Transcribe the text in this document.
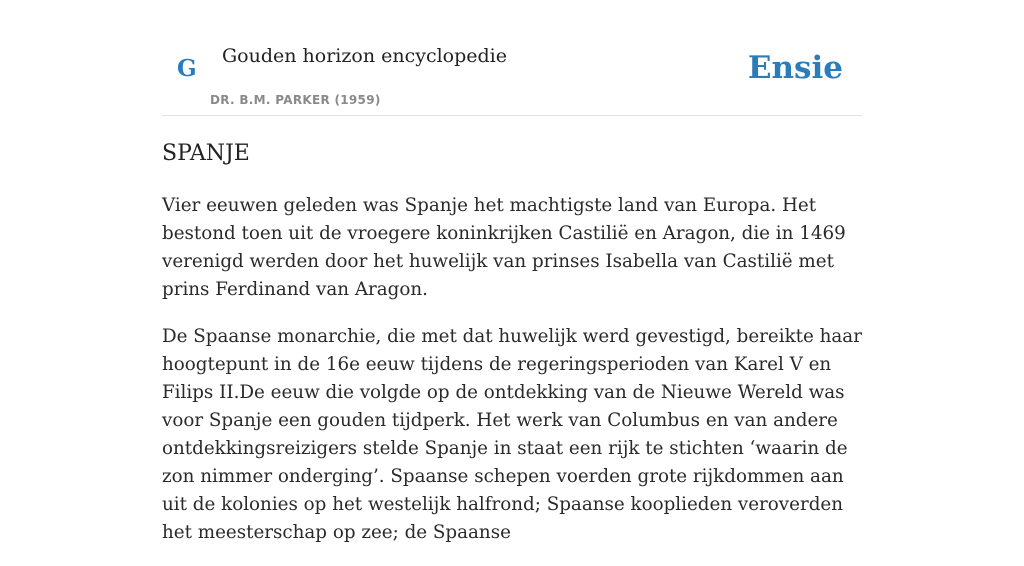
G Gouden horizon encyclopedie
DR. B.M. PARKER (1959)
Ensie
SPANJE

Vier eeuwen geleden was Spanje het machtigste land van Europa. Het bestond toen uit de vroegere koninkrijken Castilië en Aragon, die in 1469 verenigd werden door het huwelijk van prinses Isabella van Castilië met prins Ferdinand van Aragon.

De Spaanse monarchie, die met dat huwelijk werd gevestigd, bereikte haar hoogtepunt in de 16e eeuw tijdens de regeringsperioden van Karel V en Filips II.De eeuw die volgde op de ontdekking van de Nieuwe Wereld was voor Spanje een gouden tijdperk. Het werk van Columbus en van andere ontdekkingsreizigers stelde Spanje in staat een rijk te stichten ‘waarin de zon nimmer onderging’. Spaanse schepen voerden grote rijkdommen aan uit de kolonies op het westelijk halfrond; Spaanse kooplieden veroverden het meesterschap op zee; de Spaanse
